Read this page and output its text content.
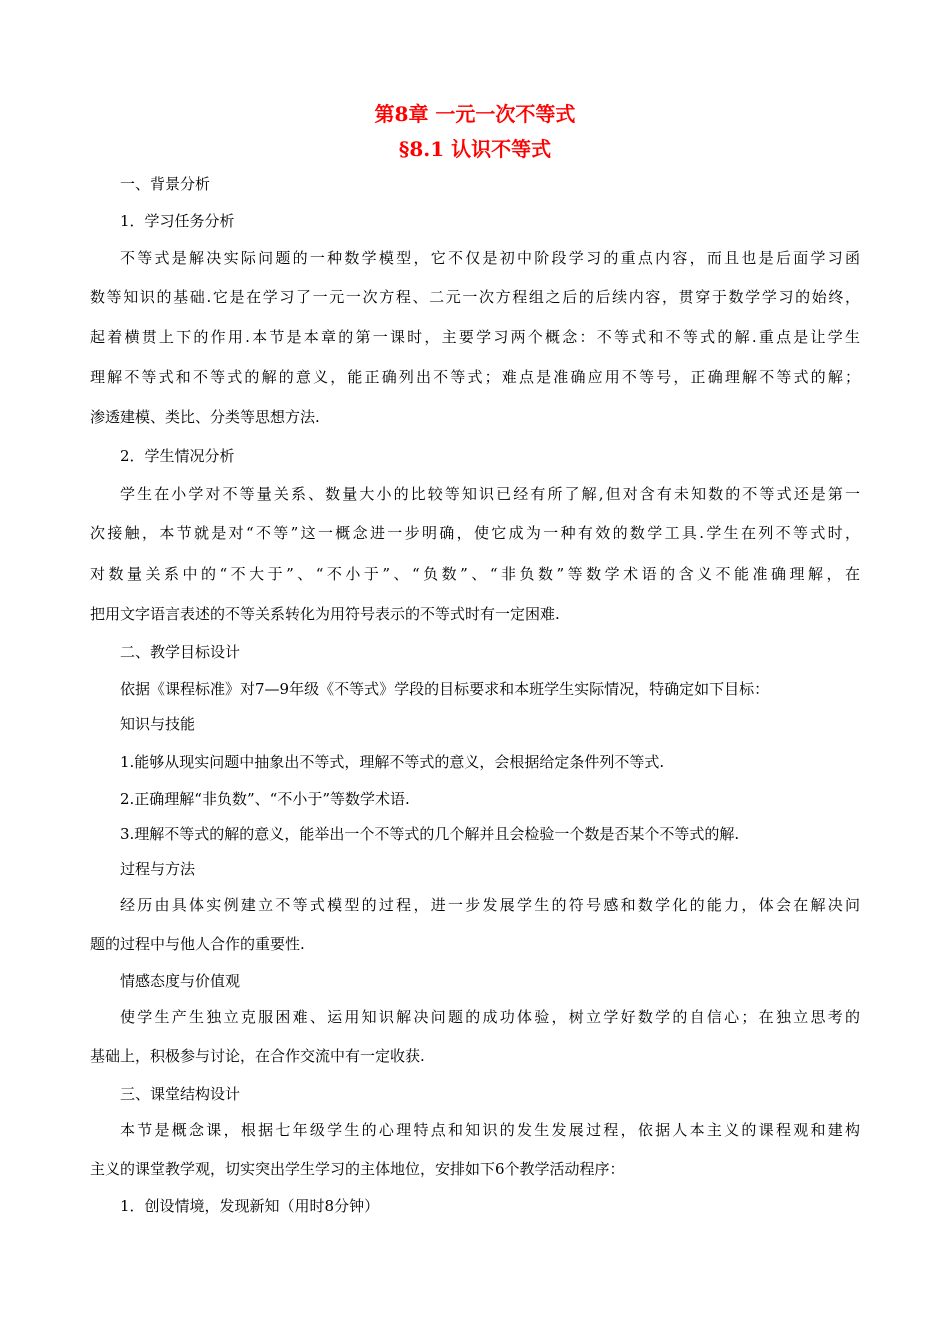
第8章 一元一次不等式
§8.1 认识不等式
一、背景分析
1．学习任务分析
不等式是解决实际问题的一种数学模型，它不仅是初中阶段学习的重点内容，而且也是后面学习函
数等知识的基础.它是在学习了一元一次方程、二元一次方程组之后的后续内容，贯穿于数学学习的始终，
起着横贯上下的作用.本节是本章的第一课时，主要学习两个概念：不等式和不等式的解.重点是让学生
理解不等式和不等式的解的意义，能正确列出不等式；难点是准确应用不等号，正确理解不等式的解；
渗透建模、类比、分类等思想方法.
2．学生情况分析
学生在小学对不等量关系、数量大小的比较等知识已经有所了解,但对含有未知数的不等式还是第一
次接触，本节就是对“不等”这一概念进一步明确，使它成为一种有效的数学工具.学生在列不等式时，
对数量关系中的“不大于”、“不小于”、“负数”、“非负数”等数学术语的含义不能准确理解，在
把用文字语言表述的不等关系转化为用符号表示的不等式时有一定困难.
二、教学目标设计
依据《课程标准》对7—9年级《不等式》学段的目标要求和本班学生实际情况，特确定如下目标：
知识与技能
1.能够从现实问题中抽象出不等式，理解不等式的意义，会根据给定条件列不等式.
2.正确理解“非负数”、“不小于”等数学术语.
3.理解不等式的解的意义，能举出一个不等式的几个解并且会检验一个数是否某个不等式的解.
过程与方法
经历由具体实例建立不等式模型的过程，进一步发展学生的符号感和数学化的能力，体会在解决问
题的过程中与他人合作的重要性.
情感态度与价值观
使学生产生独立克服困难、运用知识解决问题的成功体验，树立学好数学的自信心；在独立思考的
基础上，积极参与讨论，在合作交流中有一定收获.
三、课堂结构设计
本节是概念课，根据七年级学生的心理特点和知识的发生发展过程，依据人本主义的课程观和建构
主义的课堂教学观，切实突出学生学习的主体地位，安排如下6个教学活动程序：
1．创设情境，发现新知（用时8分钟）
